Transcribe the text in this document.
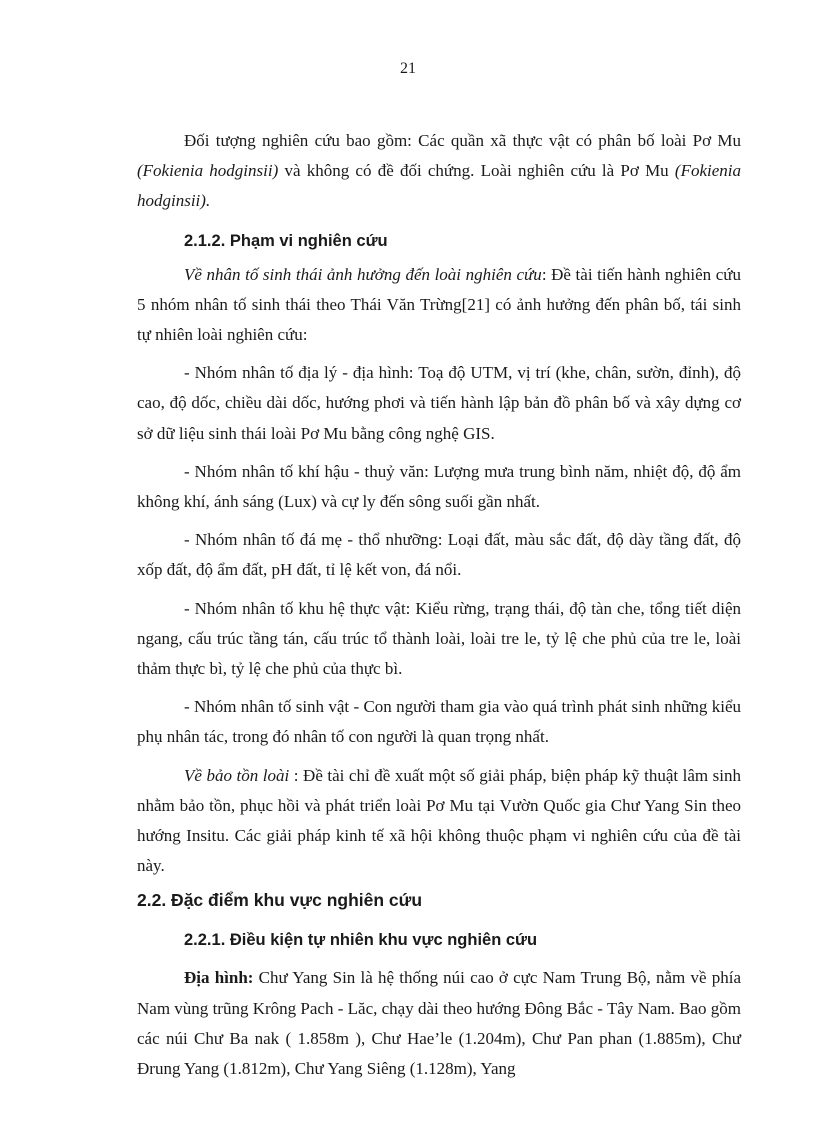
21

Đối tượng nghiên cứu bao gồm: Các quần xã thực vật có phân bố loài Pơ Mu (Fokienia hodginsii) và không có đề đối chứng. Loài nghiên cứu là Pơ Mu (Fokienia hodginsii).

2.1.2. Phạm vi nghiên cứu

Về nhân tố sinh thái ảnh hưởng đến loài nghiên cứu: Đề tài tiến hành nghiên cứu 5 nhóm nhân tố sinh thái theo Thái Văn Trừng[21] có ảnh hưởng đến phân bố, tái sinh tự nhiên loài nghiên cứu:

- Nhóm nhân tố địa lý - địa hình: Toạ độ UTM, vị trí (khe, chân, sườn, đỉnh), độ cao, độ dốc, chiều dài dốc, hướng phơi và tiến hành lập bản đồ phân bố và xây dựng cơ sở dữ liệu sinh thái loài Pơ Mu bằng công nghệ GIS.

- Nhóm nhân tố khí hậu - thuỷ văn: Lượng mưa trung bình năm, nhiệt độ, độ ẩm không khí, ánh sáng (Lux) và cự ly đến sông suối gần nhất.

- Nhóm nhân tố đá mẹ - thổ nhưỡng: Loại đất, màu sắc đất, độ dày tầng đất, độ xốp đất, độ ẩm đất, pH đất, tỉ lệ kết von, đá nổi.

- Nhóm nhân tố khu hệ thực vật: Kiểu rừng, trạng thái, độ tàn che, tổng tiết diện ngang, cấu trúc tầng tán, cấu trúc tổ thành loài, loài tre le, tỷ lệ che phủ của tre le, loài thảm thực bì, tỷ lệ che phủ của thực bì.

- Nhóm nhân tố sinh vật - Con người tham gia vào quá trình phát sinh những kiểu phụ nhân tác, trong đó nhân tố con người là quan trọng nhất.

Về bảo tồn loài : Đề tài chỉ đề xuất một số giải pháp, biện pháp kỹ thuật lâm sinh nhằm bảo tồn, phục hồi và phát triển loài Pơ Mu tại Vườn Quốc gia Chư Yang Sin theo hướng Insitu. Các giải pháp kinh tế xã hội không thuộc phạm vi nghiên cứu của đề tài này.

2.2. Đặc điểm khu vực nghiên cứu
2.2.1. Điều kiện tự nhiên khu vực nghiên cứu

Địa hình: Chư Yang Sin là hệ thống núi cao ở cực Nam Trung Bộ, nằm về phía Nam vùng trũng Krông Pach - Lăc, chạy dài theo hướng Đông Bắc - Tây Nam. Bao gồm các núi Chư Ba nak ( 1.858m ), Chư Hae’le (1.204m), Chư Pan phan (1.885m), Chư Đrung Yang (1.812m), Chư Yang Siêng (1.128m), Yang
